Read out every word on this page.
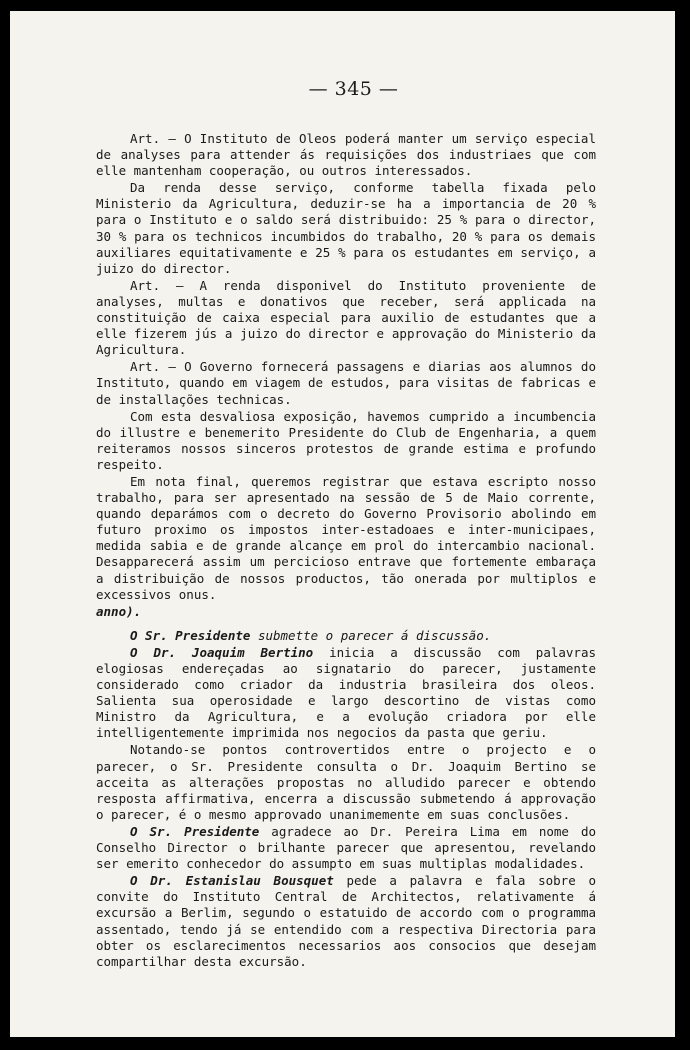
— 345 —

Art. — O Instituto de Oleos poderá manter um serviço especial de analyses para attender ás requisições dos industriaes que com elle mantenham cooperação, ou outros interessados.

Da renda desse serviço, conforme tabella fixada pelo Ministerio da Agricultura, deduzir-se ha a importancia de 20 % para o Instituto e o saldo será distribuido: 25 % para o director, 30 % para os technicos incumbidos do trabalho, 20 % para os demais auxiliares equitativamente e 25 % para os estudantes em serviço, a juizo do director.

Art. — A renda disponivel do Instituto proveniente de analyses, multas e donativos que receber, será applicada na constituição de caixa especial para auxilio de estudantes que a elle fizerem jús a juizo do director e approvação do Ministerio da Agricultura.

Art. — O Governo fornecerá passagens e diarias aos alumnos do Instituto, quando em viagem de estudos, para visitas de fabricas e de installações technicas.

Com esta desvaliosa exposição, havemos cumprido a incumbencia do illustre e benemerito Presidente do Club de Engenharia, a quem reiteramos nossos sinceros protestos de grande estima e profundo respeito.

Em nota final, queremos registrar que estava escripto nosso trabalho, para ser apresentado na sessão de 5 de Maio corrente, quando deparámos com o decreto do Governo Provisorio abolindo em futuro proximo os impostos inter-estadoaes e inter-municipaes, medida sabia e de grande alcançe em prol do intercambio nacional. Desapparecerá assim um percicioso entrave que fortemente embaraça a distribuição de nossos productos, tão onerada por multiplos e excessivos onus.

anno).

O Sr. Presidente submette o parecer á discussão.

O Dr. Joaquim Bertino inicia a discussão com palavras elogiosas endereçadas ao signatario do parecer, justamente considerado como criador da industria brasileira dos oleos. Salienta sua operosidade e largo descortino de vistas como Ministro da Agricultura, e a evolução criadora por elle intelligentemente imprimida nos negocios da pasta que geriu.

Notando-se pontos controvertidos entre o projecto e o parecer, o Sr. Presidente consulta o Dr. Joaquim Bertino se acceita as alterações propostas no alludido parecer e obtendo resposta affirmativa, encerra a discussão submetendo á approvação o parecer, é o mesmo approvado unanimemente em suas conclusões.

O Sr. Presidente agradece ao Dr. Pereira Lima em nome do Conselho Director o brilhante parecer que apresentou, revelando ser emerito conhecedor do assumpto em suas multiplas modalidades.

O Dr. Estanislau Bousquet pede a palavra e fala sobre o convite do Instituto Central de Architectos, relativamente á excursão a Berlim, segundo o estatuido de accordo com o programma assentado, tendo já se entendido com a respectiva Directoria para obter os esclarecimentos necessarios aos consocios que desejam compartilhar desta excursão.
